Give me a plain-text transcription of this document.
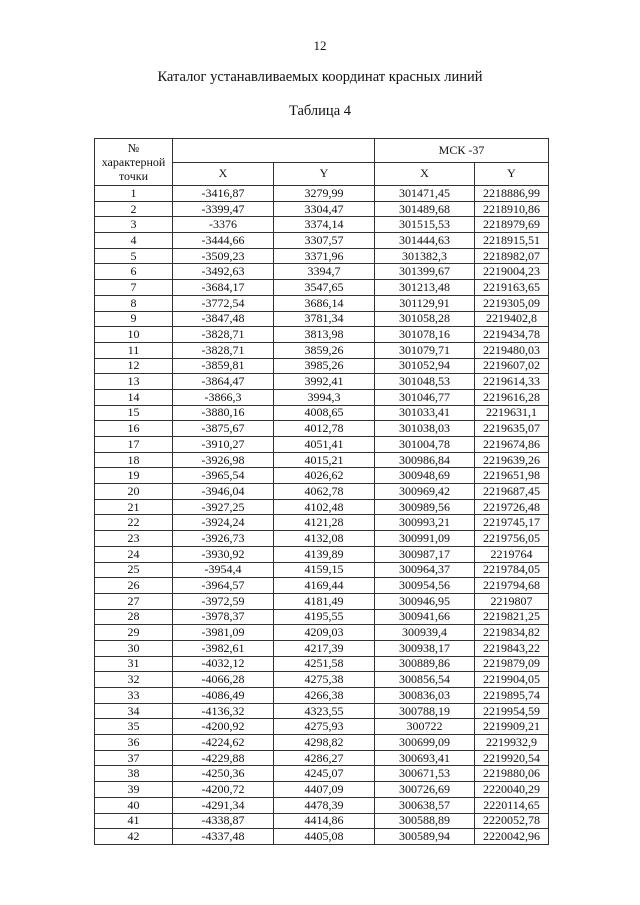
12
Каталог устанавливаемых координат красных линий
Таблица 4
№ характерной точки			МСК -37	
	X	Y	X	Y
1	-3416,87	3279,99	301471,45	2218886,99
2	-3399,47	3304,47	301489,68	2218910,86
3	-3376	3374,14	301515,53	2218979,69
4	-3444,66	3307,57	301444,63	2218915,51
5	-3509,23	3371,96	301382,3	2218982,07
6	-3492,63	3394,7	301399,67	2219004,23
7	-3684,17	3547,65	301213,48	2219163,65
8	-3772,54	3686,14	301129,91	2219305,09
9	-3847,48	3781,34	301058,28	2219402,8
10	-3828,71	3813,98	301078,16	2219434,78
11	-3828,71	3859,26	301079,71	2219480,03
12	-3859,81	3985,26	301052,94	2219607,02
13	-3864,47	3992,41	301048,53	2219614,33
14	-3866,3	3994,3	301046,77	2219616,28
15	-3880,16	4008,65	301033,41	2219631,1
16	-3875,67	4012,78	301038,03	2219635,07
17	-3910,27	4051,41	301004,78	2219674,86
18	-3926,98	4015,21	300986,84	2219639,26
19	-3965,54	4026,62	300948,69	2219651,98
20	-3946,04	4062,78	300969,42	2219687,45
21	-3927,25	4102,48	300989,56	2219726,48
22	-3924,24	4121,28	300993,21	2219745,17
23	-3926,73	4132,08	300991,09	2219756,05
24	-3930,92	4139,89	300987,17	2219764
25	-3954,4	4159,15	300964,37	2219784,05
26	-3964,57	4169,44	300954,56	2219794,68
27	-3972,59	4181,49	300946,95	2219807
28	-3978,37	4195,55	300941,66	2219821,25
29	-3981,09	4209,03	300939,4	2219834,82
30	-3982,61	4217,39	300938,17	2219843,22
31	-4032,12	4251,58	300889,86	2219879,09
32	-4066,28	4275,38	300856,54	2219904,05
33	-4086,49	4266,38	300836,03	2219895,74
34	-4136,32	4323,55	300788,19	2219954,59
35	-4200,92	4275,93	300722	2219909,21
36	-4224,62	4298,82	300699,09	2219932,9
37	-4229,88	4286,27	300693,41	2219920,54
38	-4250,36	4245,07	300671,53	2219880,06
39	-4200,72	4407,09	300726,69	2220040,29
40	-4291,34	4478,39	300638,57	2220114,65
41	-4338,87	4414,86	300588,89	2220052,78
42	-4337,48	4405,08	300589,94	2220042,96
